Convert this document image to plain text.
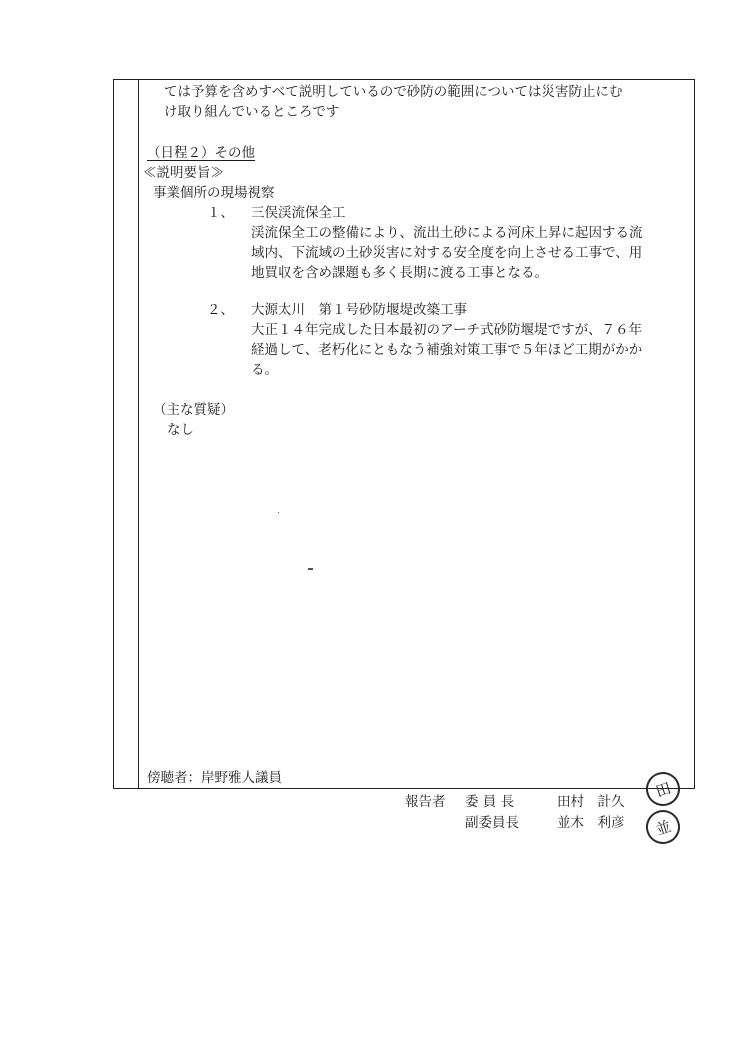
ては予算を含めすべて説明しているので砂防の範囲については災害防止にむ
け取り組んでいるところです
（日程２）その他
≪説明要旨≫
事業個所の現場視察
１、 三俣渓流保全工
渓流保全工の整備により、流出土砂による河床上昇に起因する流
域内、下流域の土砂災害に対する安全度を向上させる工事で、用
地買収を含め課題も多く長期に渡る工事となる。
２、 大源太川　第１号砂防堰堤改築工事
大正１４年完成した日本最初のアーチ式砂防堰堤ですが、７６年
経過して、老朽化にともなう補強対策工事で５年ほど工期がかか
る。
（主な質疑）
なし
傍聴者：岸野雅人議員
報告者 委 員 長	田村　計久
副委員長	並木　利彦
田
並
